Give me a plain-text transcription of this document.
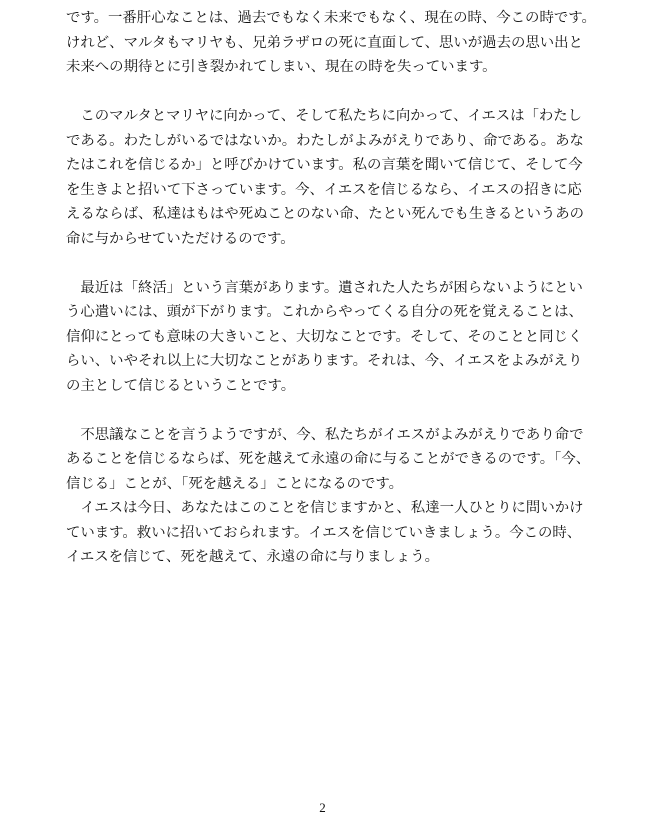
です。一番肝心なことは、過去でもなく未来でもなく、現在の時、今この時です。
けれど、マルタもマリヤも、兄弟ラザロの死に直面して、思いが過去の思い出と
未来への期待とに引き裂かれてしまい、現在の時を失っています。

　このマルタとマリヤに向かって、そして私たちに向かって、イエスは「わたし
である。わたしがいるではないか。わたしがよみがえりであり、命である。あな
たはこれを信じるか」と呼びかけています。私の言葉を聞いて信じて、そして今
を生きよと招いて下さっています。今、イエスを信じるなら、イエスの招きに応
えるならば、私達はもはや死ぬことのない命、たとい死んでも生きるというあの
命に与からせていただけるのです。

　最近は「終活」という言葉があります。遺された人たちが困らないようにとい
う心遣いには、頭が下がります。これからやってくる自分の死を覚えることは、
信仰にとっても意味の大きいこと、大切なことです。そして、そのことと同じく
らい、いやそれ以上に大切なことがあります。それは、今、イエスをよみがえり
の主として信じるということです。

　不思議なことを言うようですが、今、私たちがイエスがよみがえりであり命で
あることを信じるならば、死を越えて永遠の命に与ることができるのです。「今、
信じる」ことが、「死を越える」ことになるのです。
　イエスは今日、あなたはこのことを信じますかと、私達一人ひとりに問いかけ
ています。救いに招いておられます。イエスを信じていきましょう。今この時、
イエスを信じて、死を越えて、永遠の命に与りましょう。

2
